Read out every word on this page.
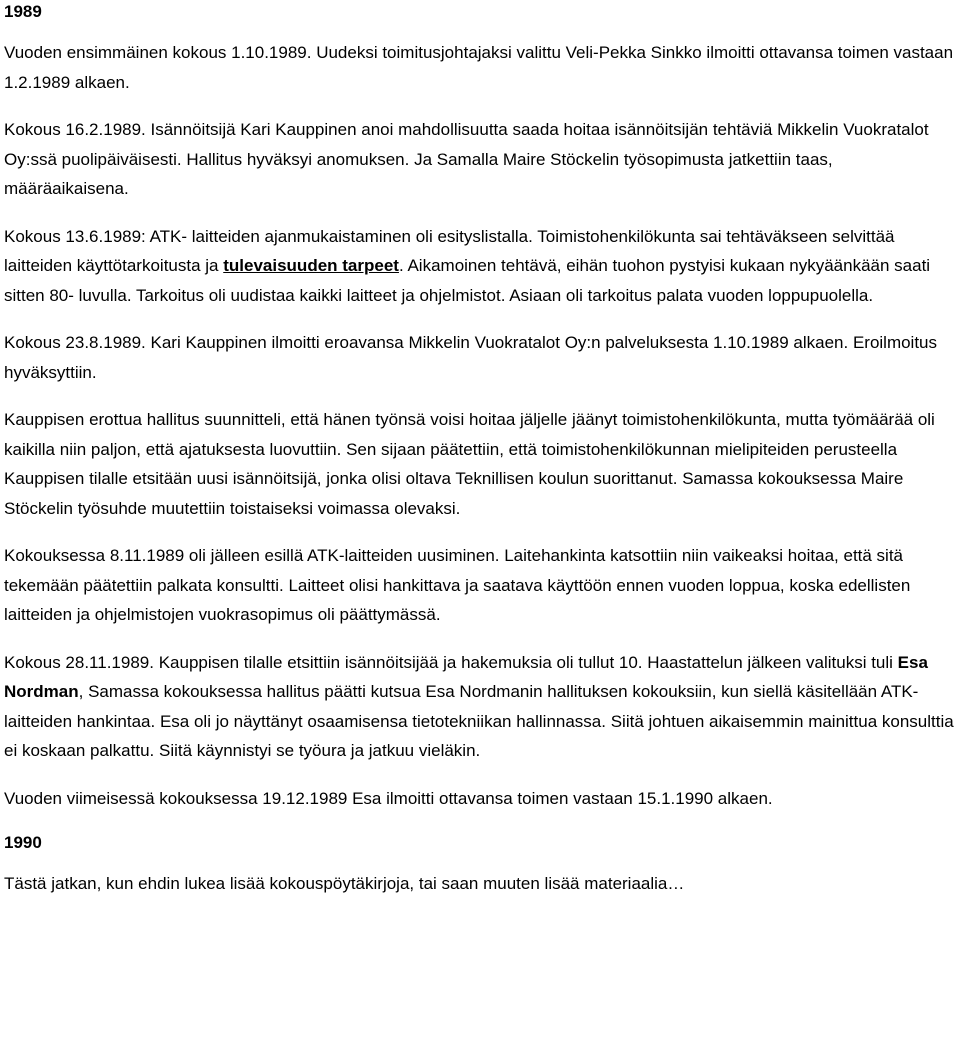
1989

Vuoden ensimmäinen kokous 1.10.1989. Uudeksi toimitusjohtajaksi valittu Veli-Pekka Sinkko ilmoitti ottavansa toimen vastaan 1.2.1989 alkaen.

Kokous 16.2.1989. Isännöitsijä Kari Kauppinen anoi mahdollisuutta saada hoitaa isännöitsijän tehtäviä Mikkelin Vuokratalot Oy:ssä puolipäiväisesti. Hallitus hyväksyi anomuksen. Ja Samalla Maire Stöckelin työsopimusta jatkettiin taas, määräaikaisena.

Kokous 13.6.1989: ATK- laitteiden ajanmukaistaminen oli esityslistalla. Toimistohenkilökunta sai tehtäväkseen selvittää laitteiden käyttötarkoitusta ja tulevaisuuden tarpeet. Aikamoinen tehtävä, eihän tuohon pystyisi kukaan nykyäänkään saati sitten 80- luvulla. Tarkoitus oli uudistaa kaikki laitteet ja ohjelmistot. Asiaan oli tarkoitus palata vuoden loppupuolella.

Kokous 23.8.1989. Kari Kauppinen ilmoitti eroavansa Mikkelin Vuokratalot Oy:n palveluksesta 1.10.1989 alkaen. Eroilmoitus hyväksyttiin.

Kauppisen erottua hallitus suunnitteli, että hänen työnsä voisi hoitaa jäljelle jäänyt toimistohenkilökunta, mutta työmäärää oli kaikilla niin paljon, että ajatuksesta luovuttiin. Sen sijaan päätettiin, että toimistohenkilökunnan mielipiteiden perusteella Kauppisen tilalle etsitään uusi isännöitsijä, jonka olisi oltava Teknillisen koulun suorittanut. Samassa kokouksessa Maire Stöckelin työsuhde muutettiin toistaiseksi voimassa olevaksi.

Kokouksessa 8.11.1989 oli jälleen esillä ATK-laitteiden uusiminen. Laitehankinta katsottiin niin vaikeaksi hoitaa, että sitä tekemään päätettiin palkata konsultti. Laitteet olisi hankittava ja saatava käyttöön ennen vuoden loppua, koska edellisten laitteiden ja ohjelmistojen vuokrasopimus oli päättymässä.

Kokous 28.11.1989. Kauppisen tilalle etsittiin isännöitsijää ja hakemuksia oli tullut 10. Haastattelun jälkeen valituksi tuli Esa Nordman, Samassa kokouksessa hallitus päätti kutsua Esa Nordmanin hallituksen kokouksiin, kun siellä käsitellään ATK- laitteiden hankintaa. Esa oli jo näyttänyt osaamisensa tietotekniikan hallinnassa. Siitä johtuen aikaisemmin mainittua konsulttia ei koskaan palkattu. Siitä käynnistyi se työura ja jatkuu vieläkin.

Vuoden viimeisessä kokouksessa 19.12.1989 Esa ilmoitti ottavansa toimen vastaan 15.1.1990 alkaen.

1990

Tästä jatkan, kun ehdin lukea lisää kokouspöytäkirjoja, tai saan muuten lisää materiaalia…
